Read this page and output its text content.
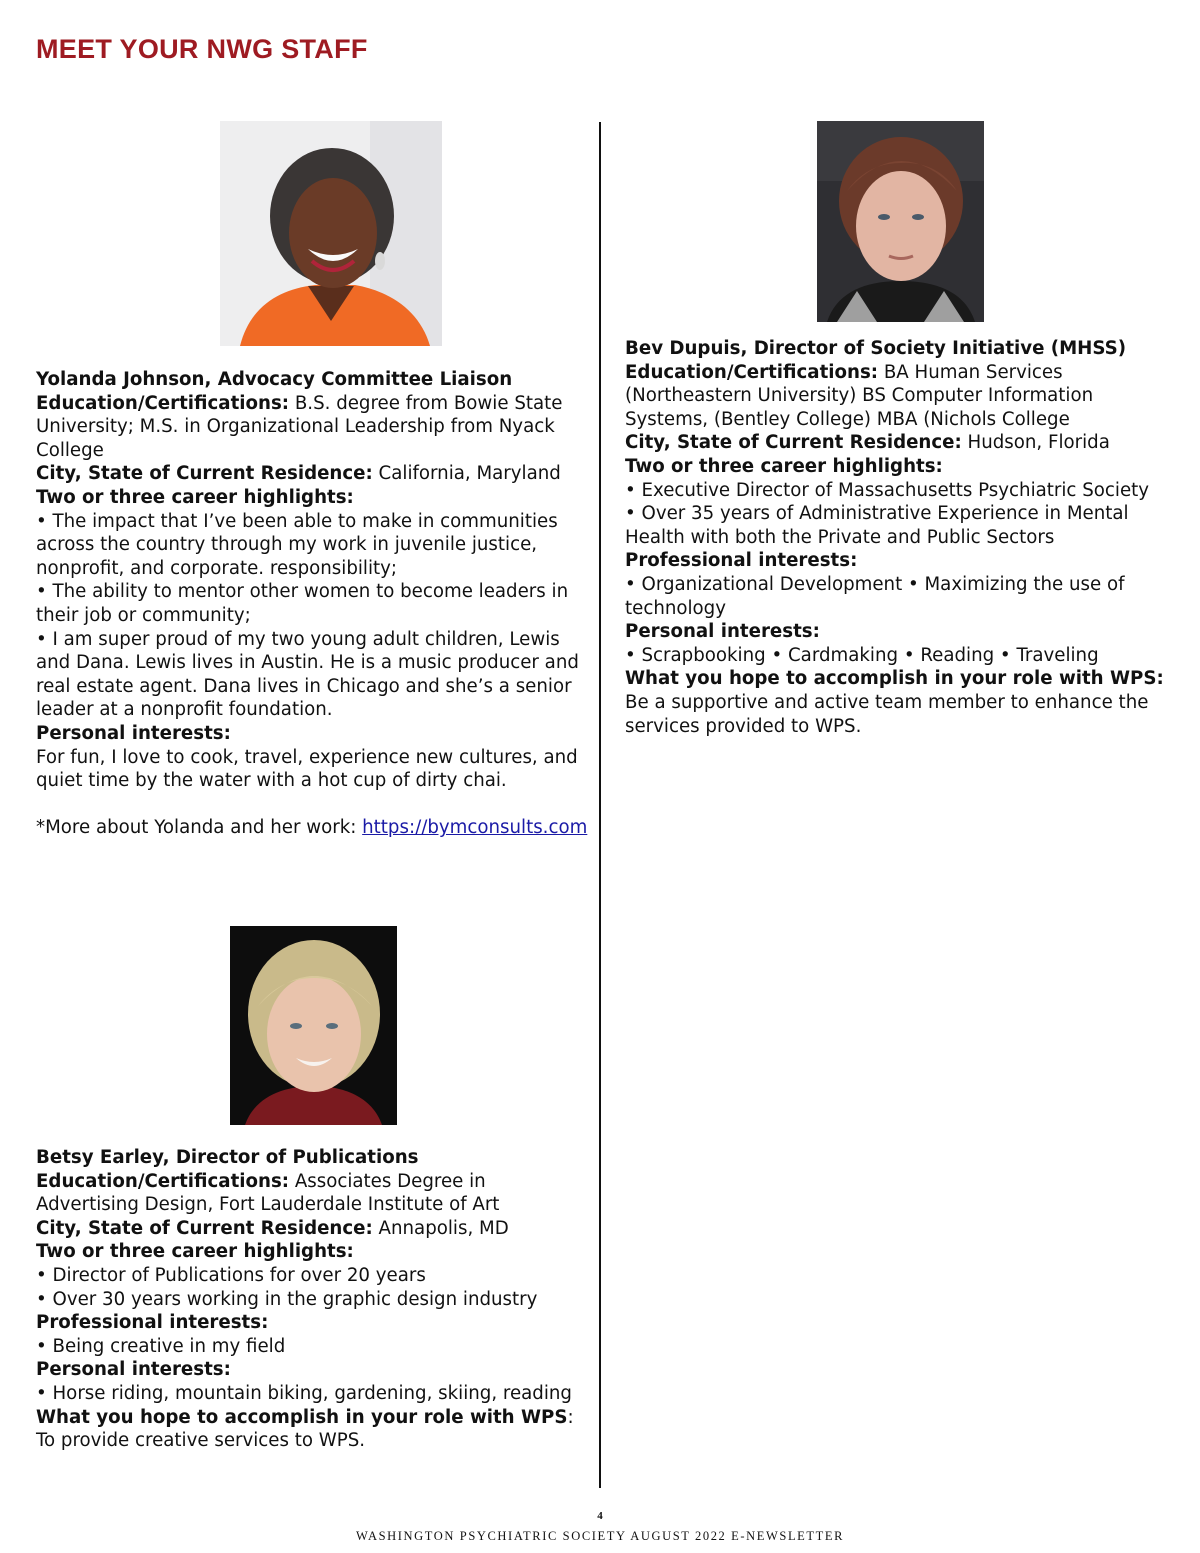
MEET YOUR NWG STAFF
Yolanda Johnson, Advocacy Committee Liaison
Education/Certifications: B.S. degree from Bowie State University; M.S. in Organizational Leadership from Nyack College
City, State of Current Residence: California, Maryland
Two or three career highlights:
• The impact that I’ve been able to make in communities across the country through my work in juvenile justice, nonprofit, and corporate. responsibility;
• The ability to mentor other women to become leaders in their job or community;
• I am super proud of my two young adult children, Lewis and Dana. Lewis lives in Austin. He is a music producer and real estate agent. Dana lives in Chicago and she’s a senior leader at a nonprofit foundation.
Personal interests:
For fun, I love to cook, travel, experience new cultures, and quiet time by the water with a hot cup of dirty chai.
*More about Yolanda and her work: https://bymconsults.com
Bev Dupuis, Director of Society Initiative (MHSS)
Education/Certifications: BA Human Services (Northeastern University) BS Computer Information Systems, (Bentley College) MBA (Nichols College
City, State of Current Residence: Hudson, Florida
Two or three career highlights:
• Executive Director of Massachusetts Psychiatric Society
• Over 35 years of Administrative Experience in Mental Health with both the Private and Public Sectors
Professional interests:
• Organizational Development • Maximizing the use of technology
Personal interests:
• Scrapbooking • Cardmaking • Reading • Traveling
What you hope to accomplish in your role with WPS:
Be a supportive and active team member to enhance the services provided to WPS.
Betsy Earley, Director of Publications
Education/Certifications: Associates Degree in Advertising Design, Fort Lauderdale Institute of Art
City, State of Current Residence: Annapolis, MD
Two or three career highlights:
• Director of Publications for over 20 years
• Over 30 years working in the graphic design industry
Professional interests:
• Being creative in my field
Personal interests:
• Horse riding, mountain biking, gardening, skiing, reading
What you hope to accomplish in your role with WPS:
To provide creative services to WPS.
4
WASHINGTON PSYCHIATRIC SOCIETY AUGUST 2022 E-NEWSLETTER
